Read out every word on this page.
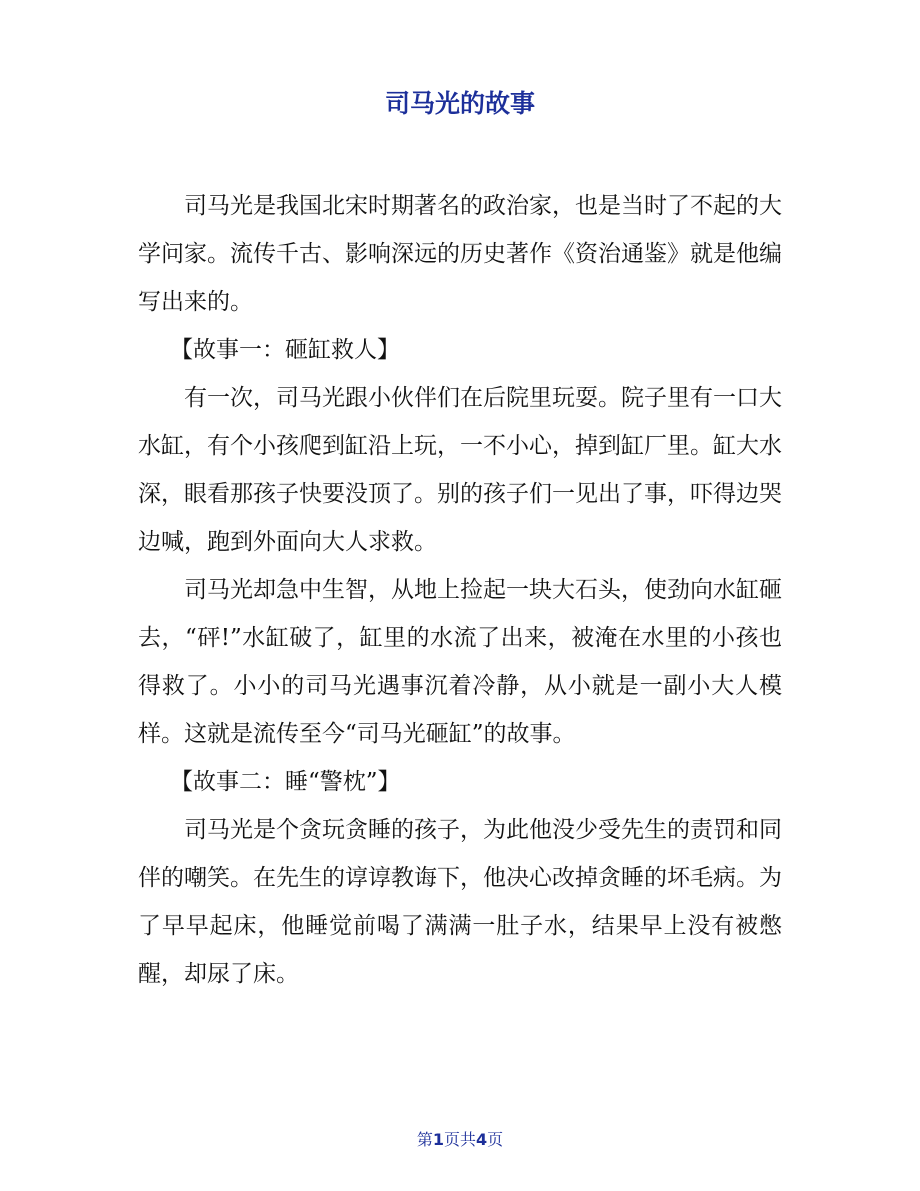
司马光的故事

司马光是我国北宋时期著名的政治家，也是当时了不起的大学问家。流传千古、影响深远的历史著作《资治通鉴》就是他编写出来的。

【故事一：砸缸救人】

有一次，司马光跟小伙伴们在后院里玩耍。院子里有一口大水缸，有个小孩爬到缸沿上玩，一不小心，掉到缸厂里。缸大水深，眼看那孩子快要没顶了。别的孩子们一见出了事，吓得边哭边喊，跑到外面向大人求救。

司马光却急中生智，从地上捡起一块大石头，使劲向水缸砸去，“砰!”水缸破了，缸里的水流了出来，被淹在水里的小孩也得救了。小小的司马光遇事沉着冷静，从小就是一副小大人模样。这就是流传至今“司马光砸缸”的故事。

【故事二：睡“警枕”】

司马光是个贪玩贪睡的孩子，为此他没少受先生的责罚和同伴的嘲笑。在先生的谆谆教诲下，他决心改掉贪睡的坏毛病。为了早早起床，他睡觉前喝了满满一肚子水，结果早上没有被憋醒，却尿了床。

第1页共4页
